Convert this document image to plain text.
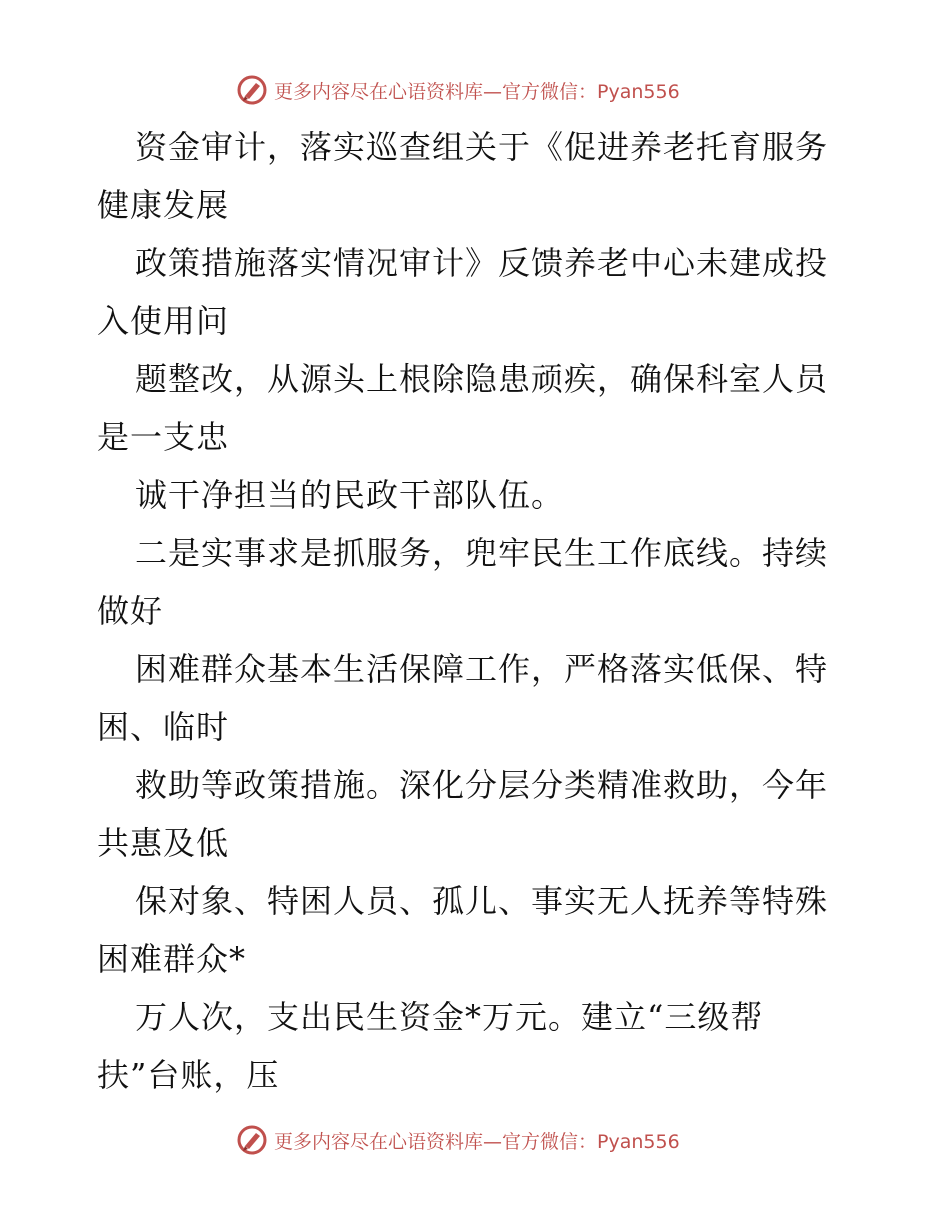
更多内容尽在心语资料库—官方微信：Pyan556
资金审计，落实巡查组关于《促进养老托育服务
健康发展
政策措施落实情况审计》反馈养老中心未建成投
入使用问
题整改，从源头上根除隐患顽疾，确保科室人员
是一支忠
诚干净担当的民政干部队伍。
二是实事求是抓服务，兜牢民生工作底线。持续
做好
困难群众基本生活保障工作，严格落实低保、特
困、临时
救助等政策措施。深化分层分类精准救助，今年
共惠及低
保对象、特困人员、孤儿、事实无人抚养等特殊
困难群众*
万人次，支出民生资金*万元。建立“三级帮
扶”台账，压
更多内容尽在心语资料库—官方微信：Pyan556
